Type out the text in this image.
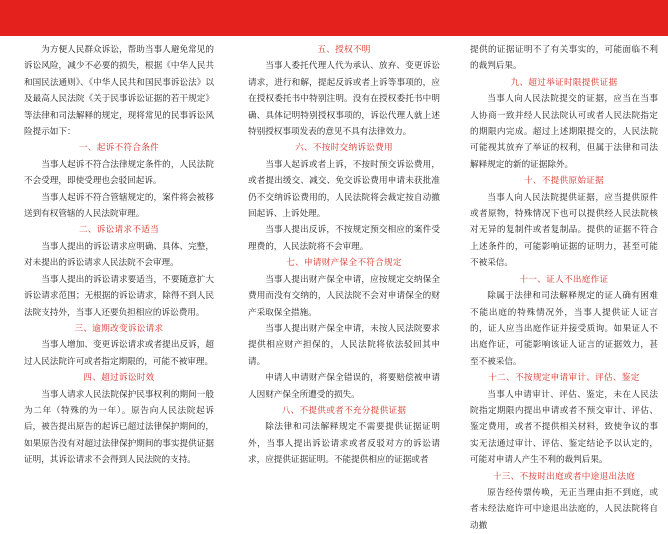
为方便人民群众诉讼，帮助当事人避免常见的诉讼风险，减少不必要的损失，根据《中华人民共和国民法通则》、《中华人民共和国民事诉讼法》以及最高人民法院《关于民事诉讼证据的若干规定》等法律和司法解释的规定，现将常见的民事诉讼风险提示如下：

一、起诉不符合条件

当事人起诉不符合法律规定条件的，人民法院不会受理，即使受理也会驳回起诉。

当事人起诉不符合管辖规定的，案件将会被移送到有权管辖的人民法院审理。

二、诉讼请求不适当

当事人提出的诉讼请求应明确、具体、完整，对未提出的诉讼请求人民法院不会审理。

当事人提出的诉讼请求要适当，不要随意扩大诉讼请求范围；无根据的诉讼请求，除得不到人民法院支持外，当事人还要负担相应的诉讼费用。

三、逾期改变诉讼请求

当事人增加、变更诉讼请求或者提出反诉，超过人民法院许可或者指定期限的，可能不被审理。

四、超过诉讼时效

当事人请求人民法院保护民事权利的期间一般为二年（特殊的为一年）。原告向人民法院起诉后，被告提出原告的起诉已超过法律保护期间的，如果原告没有对超过法律保护期间的事实提供证据证明，其诉讼请求不会得到人民法院的支持。

五、授权不明

当事人委托代理人代为承认、放弃、变更诉讼请求，进行和解，提起反诉或者上诉等事项的，应在授权委托书中特别注明。没有在授权委托书中明确、具体记明特别授权事项的，诉讼代理人就上述特别授权事项发表的意见不具有法律效力。

六、不按时交纳诉讼费用

当事人起诉或者上诉，不按时预交诉讼费用，或者提出缓交、减交、免交诉讼费用申请未获批准仍不交纳诉讼费用的，人民法院将会裁定按自动撤回起诉、上诉处理。

当事人提出反诉，不按规定预交相应的案件受理费的，人民法院将不会审理。

七、申请财产保全不符合规定

当事人提出财产保全申请，应按规定交纳保全费用而没有交纳的，人民法院不会对申请保全的财产采取保全措施。

当事人提出财产保全申请，未按人民法院要求提供相应财产担保的，人民法院将依法驳回其申请。

申请人申请财产保全错误的，将要赔偿被申请人因财产保全所遭受的损失。

八、不提供或者不充分提供证据

除法律和司法解释规定不需要提供证据证明外，当事人提出诉讼请求或者反驳对方的诉讼请求，应提供证据证明。不能提供相应的证据或者

提供的证据证明不了有关事实的，可能面临不利的裁判后果。

九、超过举证时限提供证据

当事人向人民法院提交的证据，应当在当事人协商一致并经人民法院认可或者人民法院指定的期限内完成。超过上述期限提交的，人民法院可能视其放弃了举证的权利，但属于法律和司法解释规定的新的证据除外。

十、不提供原始证据

当事人向人民法院提供证据，应当提供原件或者原物，特殊情况下也可以提供经人民法院核对无异的复制件或者复制品。提供的证据不符合上述条件的，可能影响证据的证明力，甚至可能不被采信。

十一、证人不出庭作证

除属于法律和司法解释规定的证人确有困难不能出庭的特殊情况外，当事人提供证人证言的，证人应当出庭作证并接受质询。如果证人不出庭作证，可能影响该证人证言的证据效力，甚至不被采信。

十二、不按规定申请审计、评估、鉴定

当事人申请审计、评估、鉴定，未在人民法院指定期限内提出申请或者不预交审计、评估、鉴定费用，或者不提供相关材料，致使争议的事实无法通过审计、评估、鉴定结论予以认定的，可能对申请人产生不利的裁判后果。

十三、不按时出庭或者中途退出法庭

原告经传票传唤，无正当理由拒不到庭，或者未经法庭许可中途退出法庭的，人民法院将自动撤
